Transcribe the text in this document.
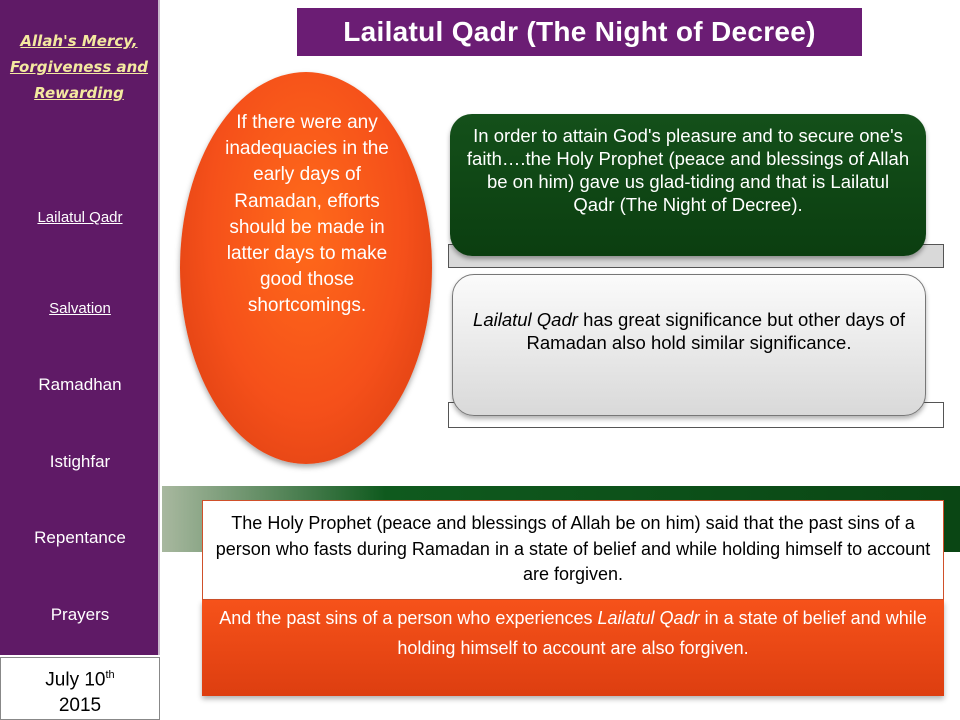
Allah's Mercy, Forgiveness and Rewarding
Lailatul Qadr
Salvation
Ramadhan
Istighfar
Repentance
Prayers
July 10th
2015
Lailatul Qadr (The Night of Decree)
If there were any inadequacies in the early days of Ramadan, efforts should be made in latter days to make good those shortcomings.
In order to attain God's pleasure and to secure one's faith….the Holy Prophet (peace and blessings of Allah be on him) gave us glad-tiding and that is Lailatul Qadr (The Night of Decree).
Lailatul Qadr has great significance but other days of Ramadan also hold similar significance.
The Holy Prophet (peace and blessings of Allah be on him) said that the past sins of a person who fasts during Ramadan in a state of belief and while holding himself to account are forgiven.
And the past sins of a person who experiences Lailatul Qadr in a state of belief and while holding himself to account are also forgiven.
